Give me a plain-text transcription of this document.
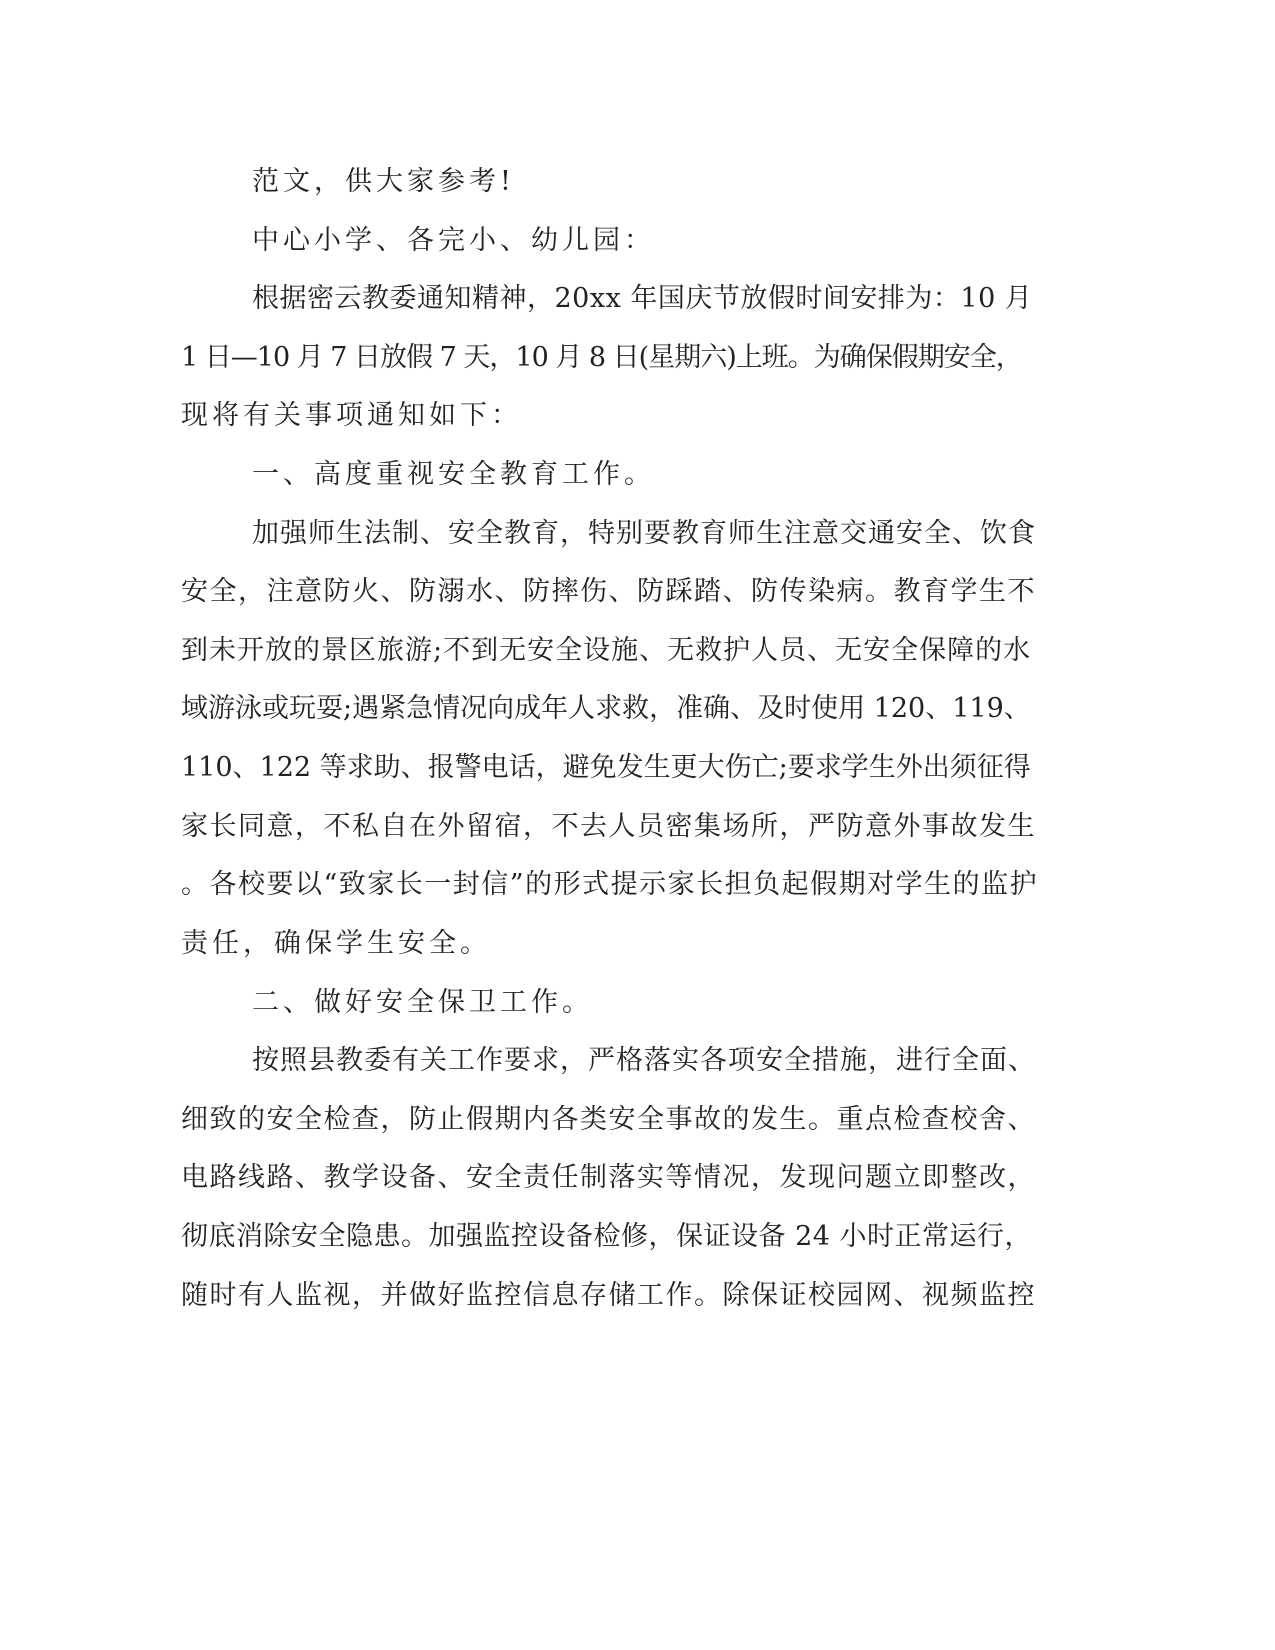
范文，供大家参考!
中心小学、各完小、幼儿园：
根据密云教委通知精神，20xx 年国庆节放假时间安排为：10 月
1 日—10 月 7 日放假 7 天，10 月 8 日(星期六)上班。为确保假期安全，
现将有关事项通知如下：
一、高度重视安全教育工作。
加强师生法制、安全教育，特别要教育师生注意交通安全、饮食
安全，注意防火、防溺水、防摔伤、防踩踏、防传染病。教育学生不
到未开放的景区旅游;不到无安全设施、无救护人员、无安全保障的水
域游泳或玩耍;遇紧急情况向成年人求救，准确、及时使用 120、119、
110、122 等求助、报警电话，避免发生更大伤亡;要求学生外出须征得
家长同意，不私自在外留宿，不去人员密集场所，严防意外事故发生
。各校要以“致家长一封信”的形式提示家长担负起假期对学生的监护
责任，确保学生安全。
二、做好安全保卫工作。
按照县教委有关工作要求，严格落实各项安全措施，进行全面、
细致的安全检查，防止假期内各类安全事故的发生。重点检查校舍、
电路线路、教学设备、安全责任制落实等情况，发现问题立即整改，
彻底消除安全隐患。加强监控设备检修，保证设备 24 小时正常运行，
随时有人监视，并做好监控信息存储工作。除保证校园网、视频监控
